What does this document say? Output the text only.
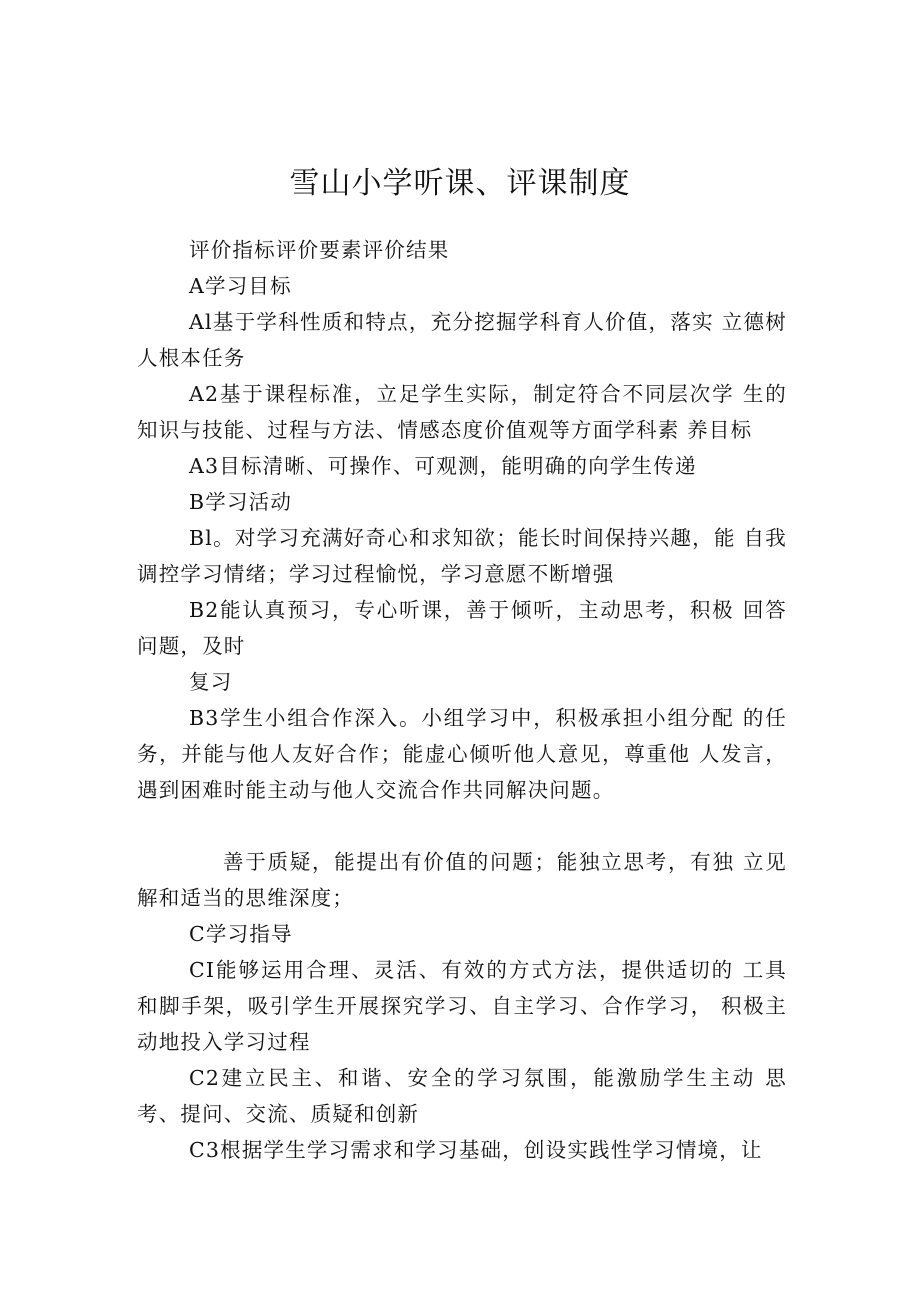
雪山小学听课、评课制度

评价指标评价要素评价结果

A学习目标

Al基于学科性质和特点，充分挖掘学科育人价值，落实 立德树人根本任务

A2基于课程标准，立足学生实际，制定符合不同层次学 生的知识与技能、过程与方法、情感态度价值观等方面学科素 养目标

A3目标清晰、可操作、可观测，能明确的向学生传递

B学习活动

Bl。对学习充满好奇心和求知欲；能长时间保持兴趣，能 自我调控学习情绪；学习过程愉悦，学习意愿不断增强

B2能认真预习，专心听课，善于倾听，主动思考，积极 回答问题，及时

复习

B3学生小组合作深入。小组学习中，积极承担小组分配 的任务，并能与他人友好合作；能虚心倾听他人意见，尊重他 人发言，遇到困难时能主动与他人交流合作共同解决问题。

善于质疑，能提出有价值的问题；能独立思考，有独 立见解和适当的思维深度；

C学习指导

CI能够运用合理、灵活、有效的方式方法，提供适切的 工具和脚手架，吸引学生开展探究学习、自主学习、合作学习， 积极主动地投入学习过程

C2建立民主、和谐、安全的学习氛围，能激励学生主动 思考、提问、交流、质疑和创新

C3根据学生学习需求和学习基础，创设实践性学习情境，让
